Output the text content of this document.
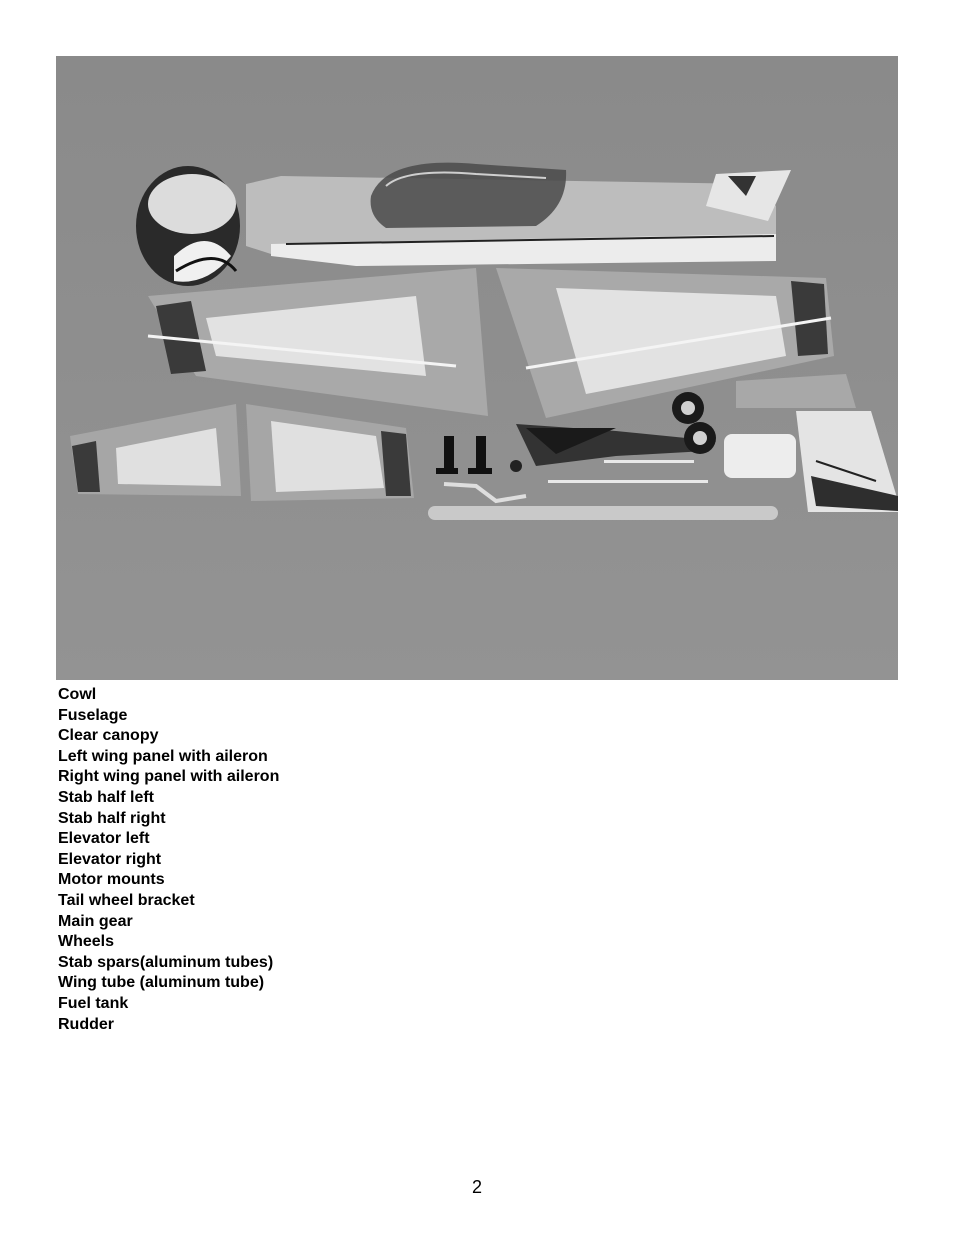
Cowl
Fuselage
Clear canopy
Left wing panel with aileron
Right wing panel with aileron
Stab half left
Stab half right
Elevator left
Elevator right
Motor mounts
Tail wheel bracket
Main gear
Wheels
Stab spars(aluminum tubes)
Wing tube (aluminum tube)
Fuel tank
Rudder
2
